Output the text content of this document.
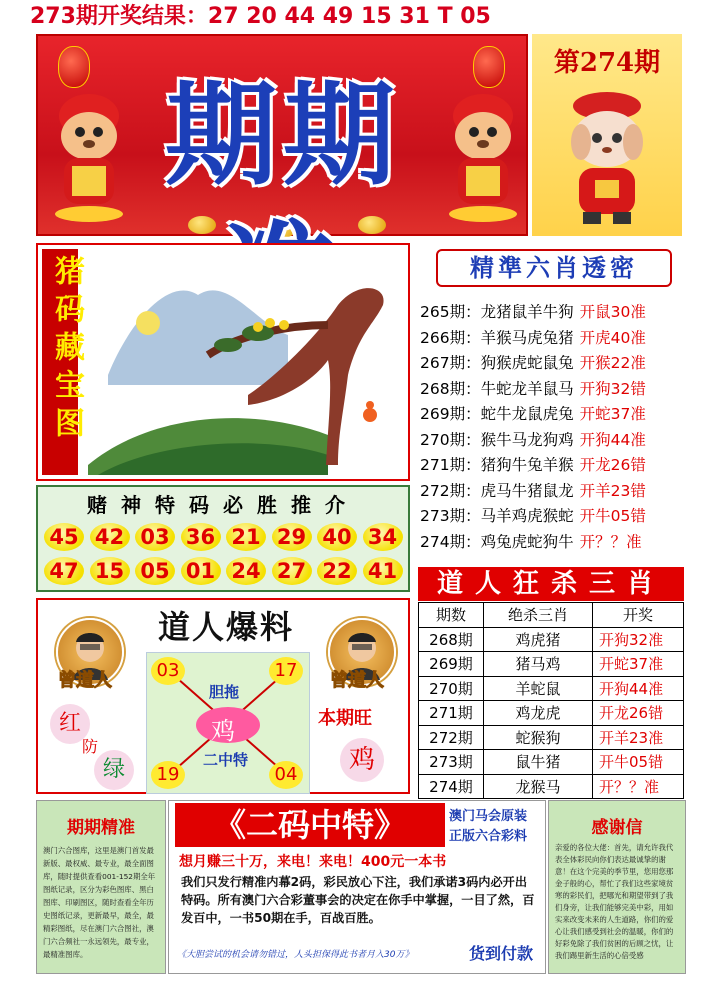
273期开奖结果：27 20 44 49 15 31 T 05
期期
第274期
猪码藏宝图	精準六肖透密
265期：龙猪鼠羊牛狗 开鼠30准
266期：羊猴马虎兔猪 开虎40准
267期：狗猴虎蛇鼠兔 开猴22准
268期：牛蛇龙羊鼠马 开狗32错
269期：蛇牛龙鼠虎兔 开蛇37准
270期：猴牛马龙狗鸡 开狗44准
271期：猪狗牛兔羊猴 开龙26错
272期：虎马牛猪鼠龙 开羊23错
273期：马羊鸡虎猴蛇 开牛05错
274期：鸡兔虎蛇狗牛 开？？准
赌神特码必胜推介
45 42 03 36 21 29 40 34
47 15 05 01 24 27 22 41	道人狂杀三肖
期数	绝杀三肖	开奖
268期	鸡虎猪	开狗32准
269期	猪马鸡	开蛇37准
270期	羊蛇鼠	开狗44准
271期	鸡龙虎	开龙26错
272期	蛇猴狗	开羊23准
273期	鼠牛猪	开牛05错
274期	龙猴马	开？？准
道人爆料
曾道人
红
防
绿
03	17
19	04
胆拖
鸡
二中特
曾道人
本期旺
鸡
期期精准
澳门六合图库，这里是澳门首发最新版、最权威、最专业，最全面图库，随时提供查看001-152期全年图纸记录，区分为彩色图库、黑白图库、印刷图区，随时查看全年历史图纸记录，更新最早，最全，最精彩图纸，尽在澳门六合图社，澳门六合频社一永远领先，最专业，最精准图库。
《二码中特》	澳门马会原装
正版六合彩料
想月赚三十万，来电！来电！400元一本书
我们只发行精准内幕2码，彩民放心下注，我们承诺3码内必开出特码。所有澳门六合彩董事会的决定在你手中掌握，一目了然，百发百中，一书50期在手，百战百胜。
《大胆尝试的机会请勿错过，人头担保得此书者月入30万》	货到付款
感谢信
亲爱的各位大佬：首先，请允许我代表全体彩民向你们表达最诚挚的谢意！在这个完美的季节里，您用您那金子般的心，帮忙了我们这些家境贫寒的彩民们，把哪光和期望带到了我们身旁，让我们能够完美中彩，用如实来改变未来的人生道路，你们的爱心让我们感受到社会的温暖，你们的好彩免除了我们贫困的后顾之忧，让我们踢里新生活的心倍受感
